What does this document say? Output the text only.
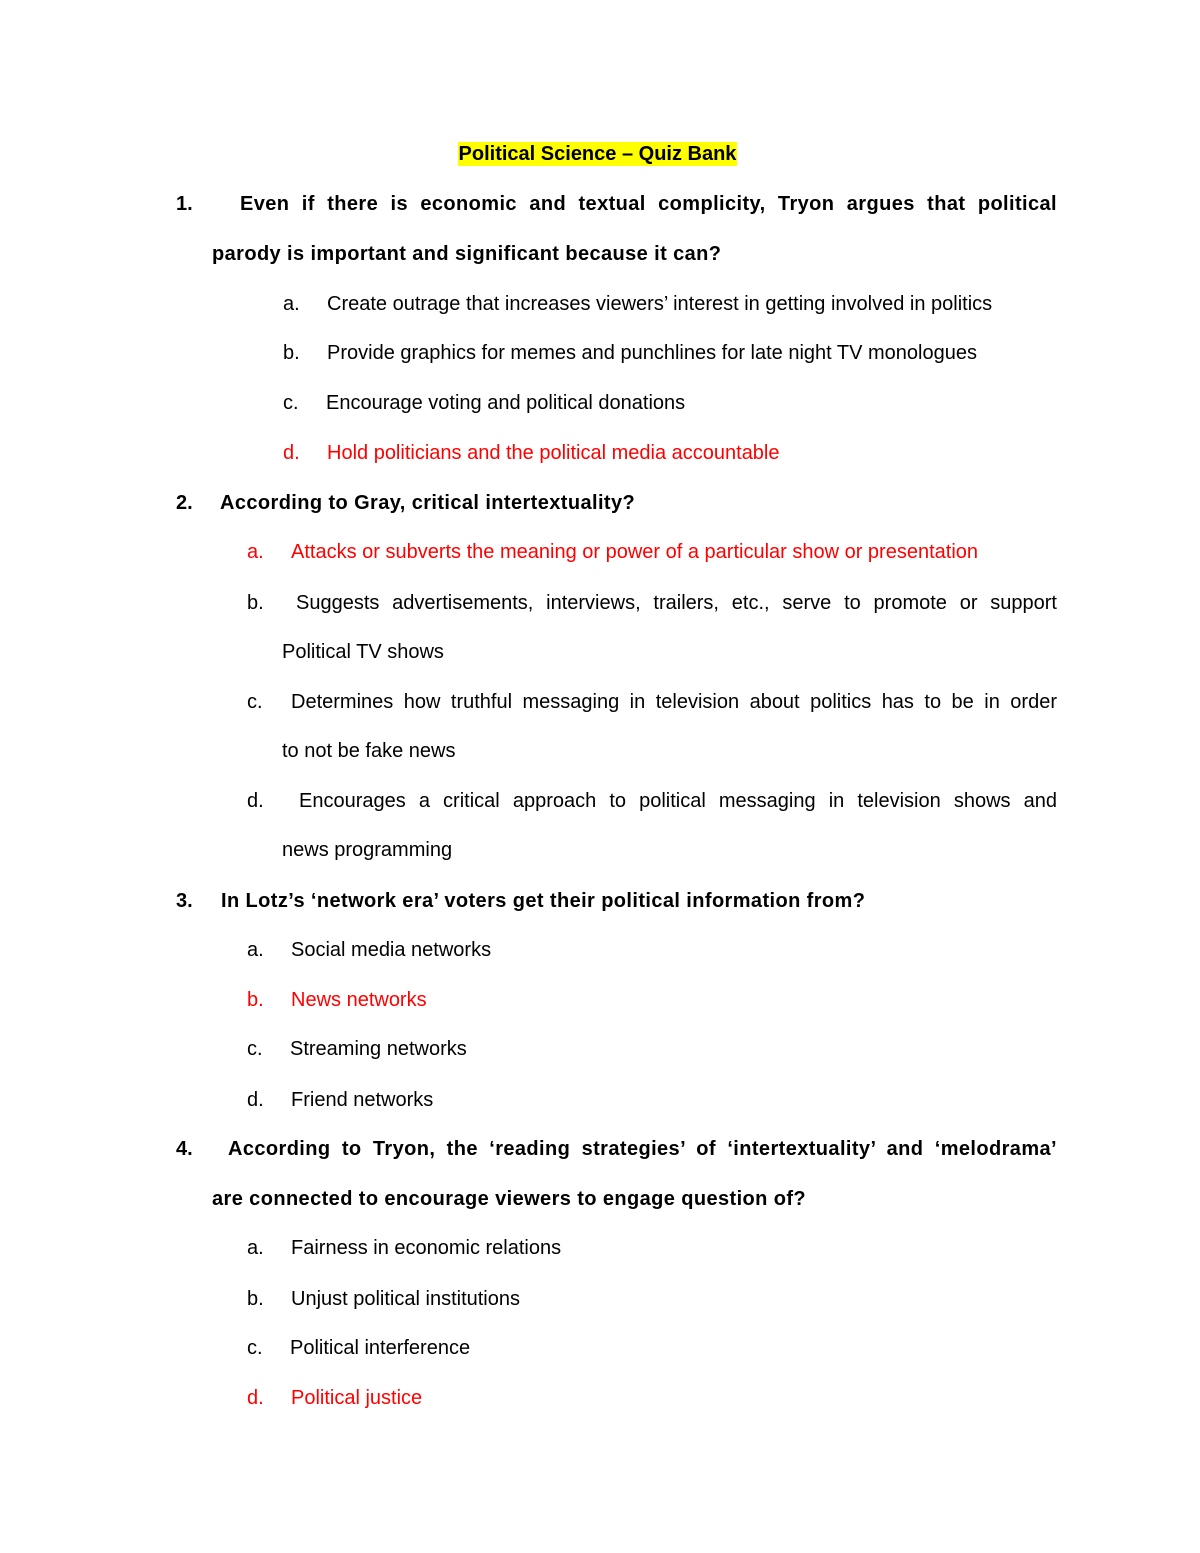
Political Science – Quiz Bank
1. Even if there is economic and textual complicity, Tryon argues that political
parody is important and significant because it can?
a. Create outrage that increases viewers’ interest in getting involved in politics
b. Provide graphics for memes and punchlines for late night TV monologues
c. Encourage voting and political donations
d. Hold politicians and the political media accountable
2. According to Gray, critical intertextuality?
a. Attacks or subverts the meaning or power of a particular show or presentation
b. Suggests advertisements, interviews, trailers, etc., serve to promote or support
Political TV shows
c. Determines how truthful messaging in television about politics has to be in order
to not be fake news
d. Encourages a critical approach to political messaging in television shows and
news programming
3. In Lotz’s ‘network era’ voters get their political information from?
a. Social media networks
b. News networks
c. Streaming networks
d. Friend networks
4. According to Tryon, the ‘reading strategies’ of ‘intertextuality’ and ‘melodrama’
are connected to encourage viewers to engage question of?
a. Fairness in economic relations
b. Unjust political institutions
c. Political interference
d. Political justice
